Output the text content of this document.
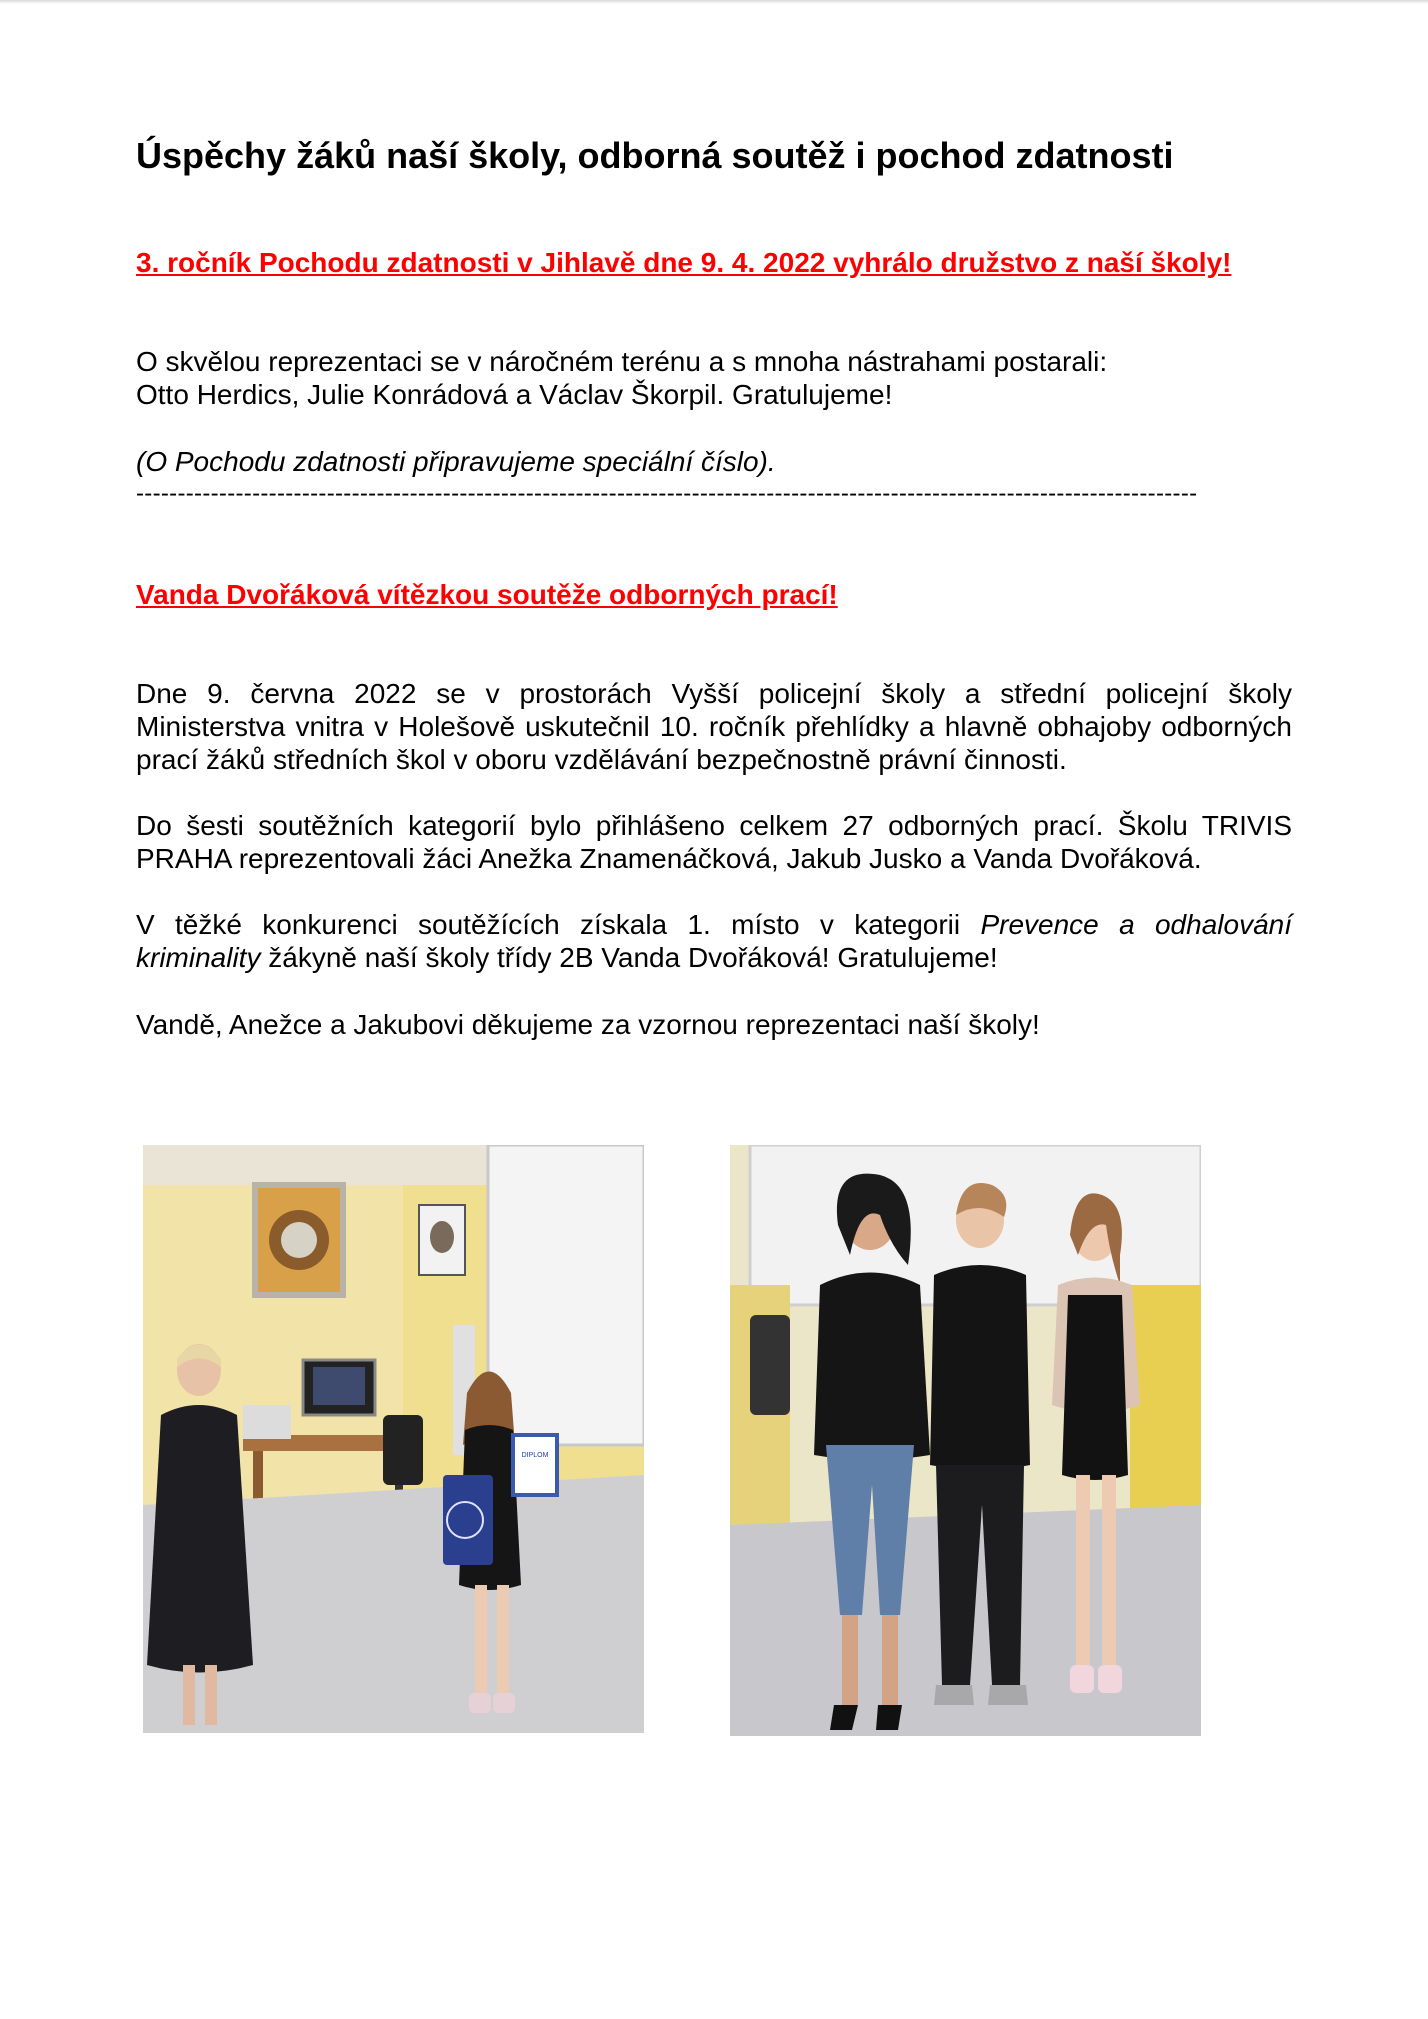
Úspěchy žáků naší školy, odborná soutěž i pochod zdatnosti
3. ročník Pochodu zdatnosti v Jihlavě dne 9. 4. 2022 vyhrálo družstvo z naší školy!
O skvělou reprezentaci se v náročném terénu a s mnoha nástrahami postarali:
Otto Herdics, Julie Konrádová a Václav Škorpil. Gratulujeme!
(O Pochodu zdatnosti připravujeme speciální číslo).
--------------------------------------------------------------------------------------------------------------------------------
Vanda Dvořáková vítězkou soutěže odborných prací!
Dne 9. června 2022 se v prostorách Vyšší policejní školy a střední policejní školy
Ministerstva vnitra v Holešově uskutečnil 10. ročník přehlídky a hlavně obhajoby odborných
prací žáků středních škol v oboru vzdělávání bezpečnostně právní činnosti.
Do šesti soutěžních kategorií bylo přihlášeno celkem 27 odborných prací. Školu TRIVIS
PRAHA reprezentovali žáci Anežka Znamenáčková, Jakub Jusko a Vanda Dvořáková.
V těžké konkurenci soutěžících získala 1. místo v kategorii Prevence a odhalování
kriminality žákyně naší školy třídy 2B Vanda Dvořáková! Gratulujeme!
Vandě, Anežce a Jakubovi děkujeme za vzornou reprezentaci naší školy!
DIPLOM
